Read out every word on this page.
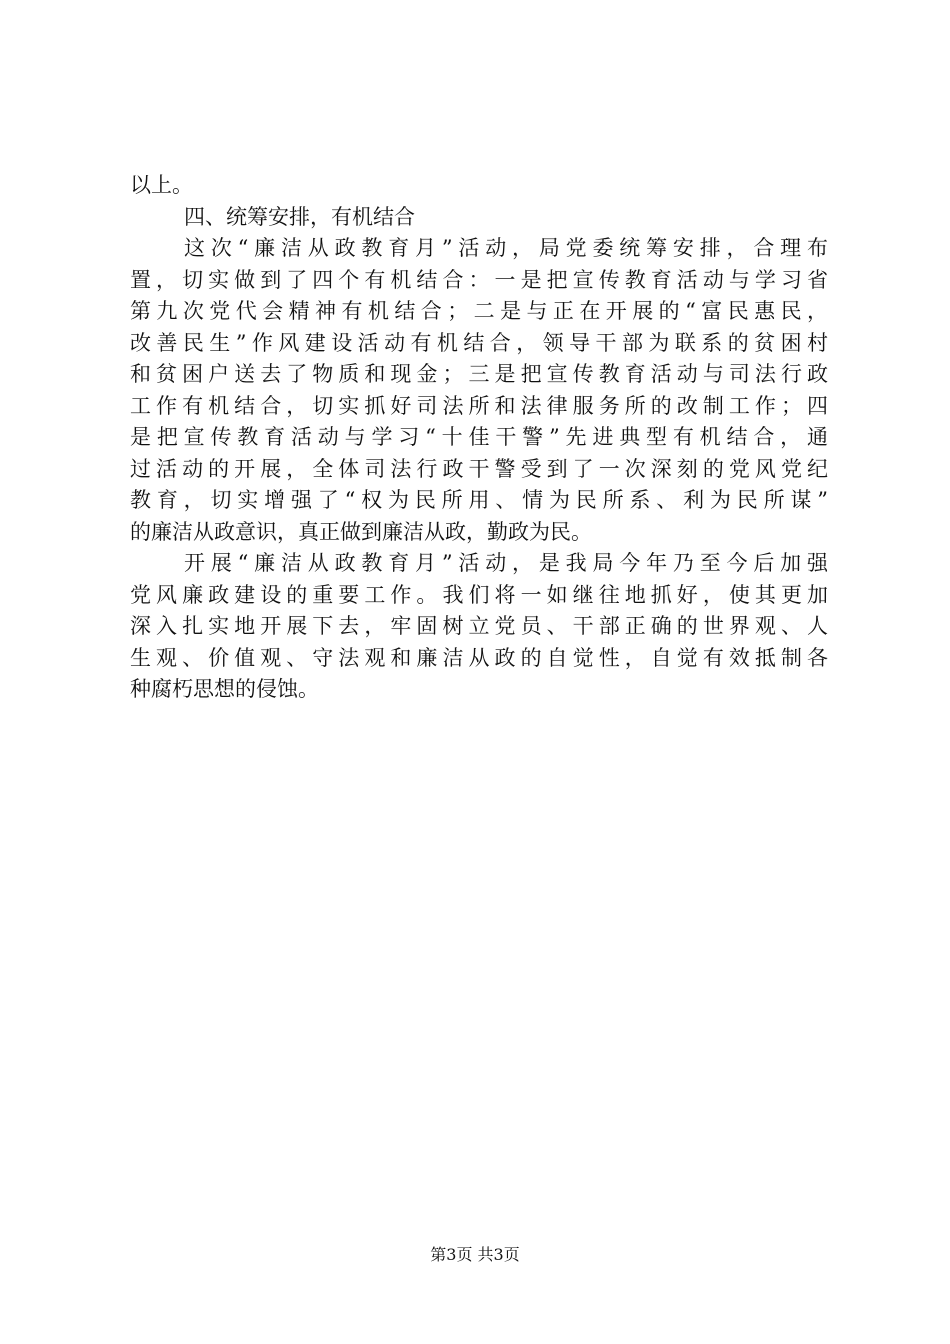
以上。
四、统筹安排，有机结合
这次“廉洁从政教育月”活动，局党委统筹安排，合理布
置，切实做到了四个有机结合：一是把宣传教育活动与学习省
第九次党代会精神有机结合；二是与正在开展的“富民惠民，
改善民生”作风建设活动有机结合，领导干部为联系的贫困村
和贫困户送去了物质和现金；三是把宣传教育活动与司法行政
工作有机结合，切实抓好司法所和法律服务所的改制工作；四
是把宣传教育活动与学习“十佳干警”先进典型有机结合，通
过活动的开展，全体司法行政干警受到了一次深刻的党风党纪
教育，切实增强了“权为民所用、情为民所系、利为民所谋”
的廉洁从政意识，真正做到廉洁从政，勤政为民。
开展“廉洁从政教育月”活动，是我局今年乃至今后加强
党风廉政建设的重要工作。我们将一如继往地抓好，使其更加
深入扎实地开展下去，牢固树立党员、干部正确的世界观、人
生观、价值观、守法观和廉洁从政的自觉性，自觉有效抵制各
种腐朽思想的侵蚀。
第3页 共3页
